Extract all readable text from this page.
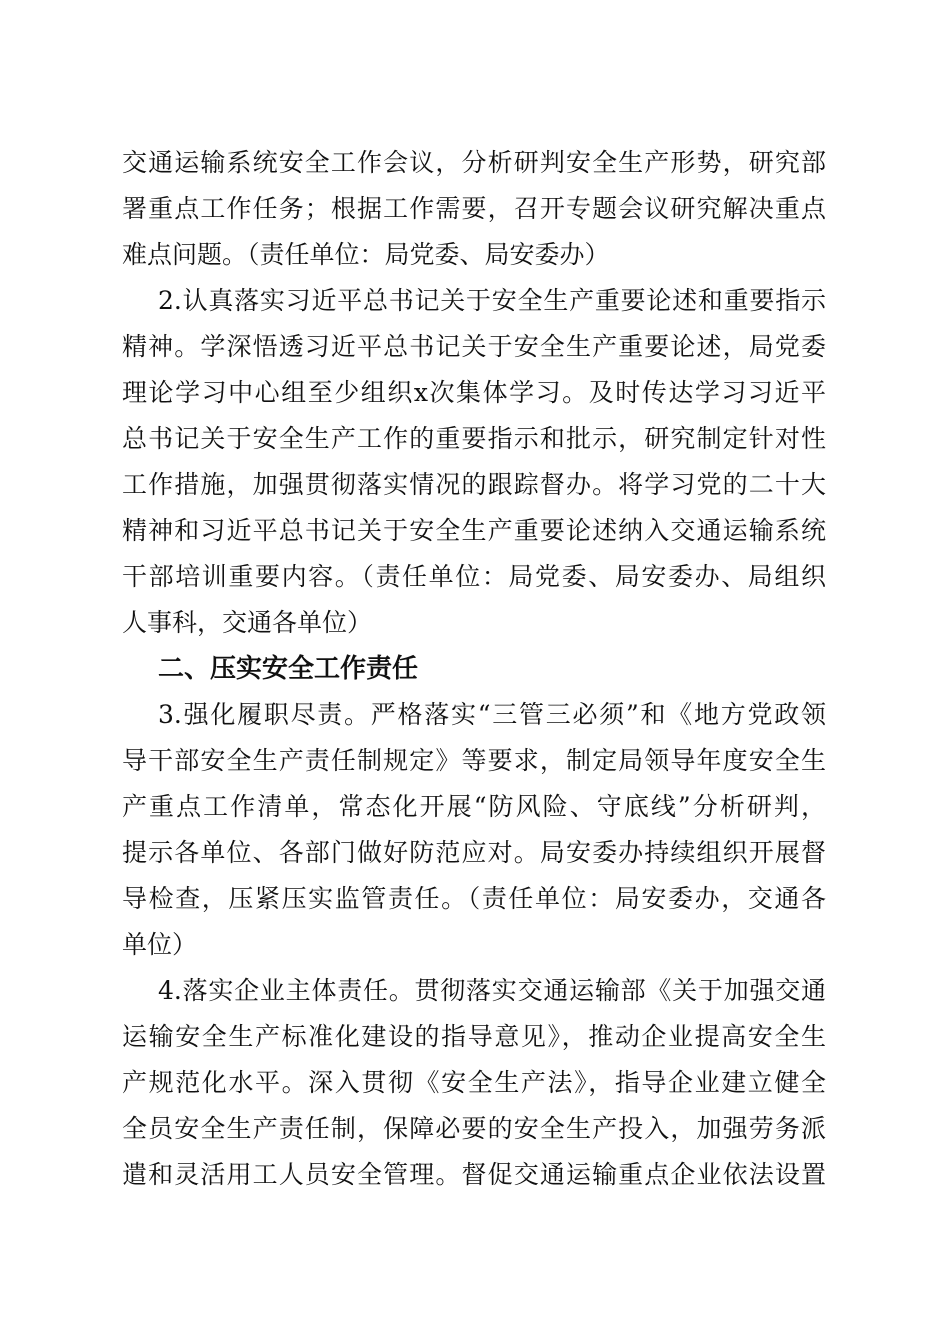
交通运输系统安全工作会议，分析研判安全生产形势，研究部
署重点工作任务；根据工作需要，召开专题会议研究解决重点
难点问题。（责任单位：局党委、局安委办）
2.认真落实习近平总书记关于安全生产重要论述和重要指示
精神。学深悟透习近平总书记关于安全生产重要论述，局党委
理论学习中心组至少组织x次集体学习。及时传达学习习近平
总书记关于安全生产工作的重要指示和批示，研究制定针对性
工作措施，加强贯彻落实情况的跟踪督办。将学习党的二十大
精神和习近平总书记关于安全生产重要论述纳入交通运输系统
干部培训重要内容。（责任单位：局党委、局安委办、局组织
人事科，交通各单位）
二、压实安全工作责任
3.强化履职尽责。严格落实“三管三必须”和《地方党政领
导干部安全生产责任制规定》等要求，制定局领导年度安全生
产重点工作清单，常态化开展“防风险、守底线”分析研判，
提示各单位、各部门做好防范应对。局安委办持续组织开展督
导检查，压紧压实监管责任。（责任单位：局安委办，交通各
单位）
4.落实企业主体责任。贯彻落实交通运输部《关于加强交通
运输安全生产标准化建设的指导意见》，推动企业提高安全生
产规范化水平。深入贯彻《安全生产法》，指导企业建立健全
全员安全生产责任制，保障必要的安全生产投入，加强劳务派
遣和灵活用工人员安全管理。督促交通运输重点企业依法设置
